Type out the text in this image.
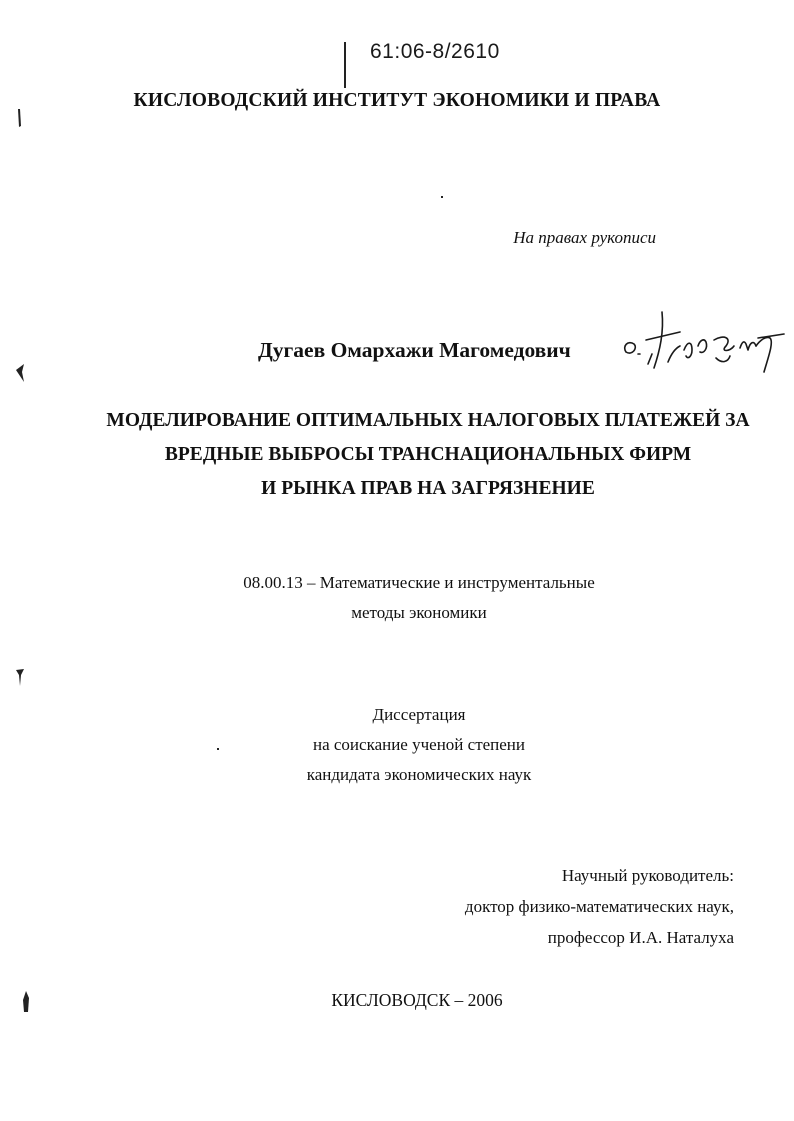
61:06-8/2610
КИСЛОВОДСКИЙ ИНСТИТУТ ЭКОНОМИКИ И ПРАВА
На правах рукописи
Дугаев Омархажи Магомедович
МОДЕЛИРОВАНИЕ ОПТИМАЛЬНЫХ НАЛОГОВЫХ ПЛАТЕЖЕЙ ЗА
ВРЕДНЫЕ ВЫБРОСЫ ТРАНСНАЦИОНАЛЬНЫХ ФИРМ
И РЫНКА ПРАВ НА ЗАГРЯЗНЕНИЕ
08.00.13 – Математические и инструментальные
методы экономики
Диссертация
на соискание ученой степени
кандидата экономических наук
Научный руководитель:
доктор физико-математических наук,
профессор И.А. Наталуха
КИСЛОВОДСК – 2006
